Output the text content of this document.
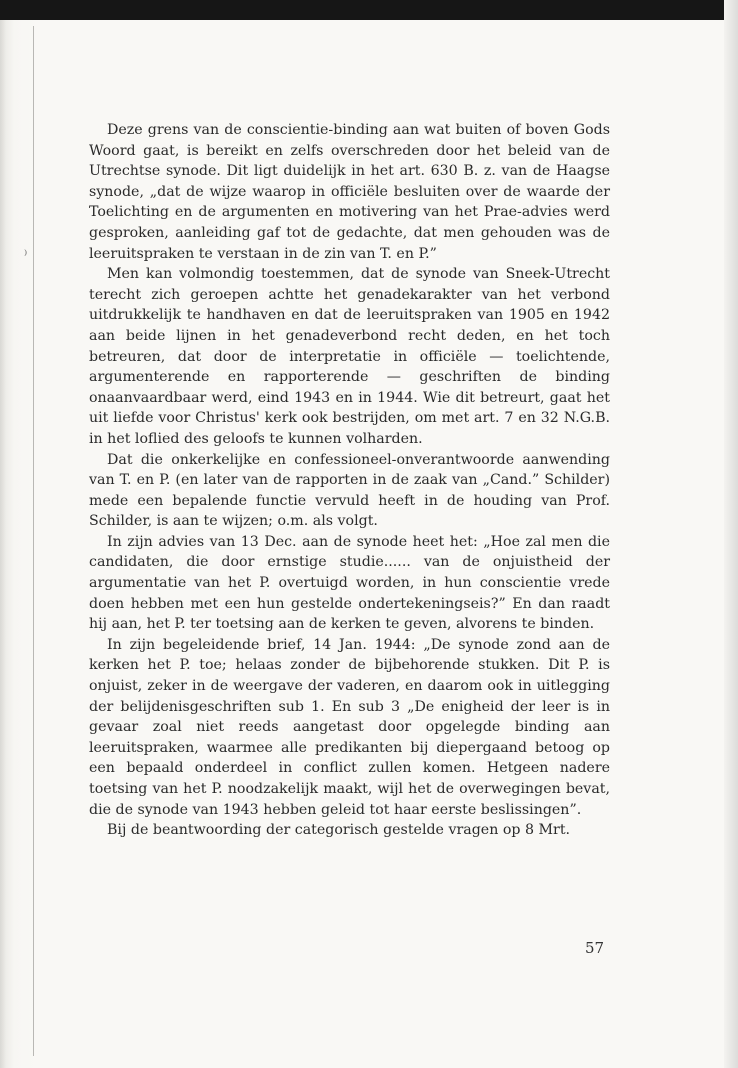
⁾

Deze grens van de conscientie-binding aan wat buiten of boven Gods Woord gaat, is bereikt en zelfs overschreden door het beleid van de Utrechtse synode. Dit ligt duidelijk in het art. 630 B. z. van de Haagse synode, „dat de wijze waarop in officiële besluiten over de waarde der Toelichting en de argumenten en motivering van het Prae-advies werd gesproken, aanleiding gaf tot de gedachte, dat men gehouden was de leeruitspraken te verstaan in de zin van T. en P.”

Men kan volmondig toestemmen, dat de synode van Sneek-Utrecht terecht zich geroepen achtte het genadekarakter van het verbond uitdrukkelijk te handhaven en dat de leeruitspraken van 1905 en 1942 aan beide lijnen in het genadeverbond recht deden, en het toch betreuren, dat door de interpretatie in officiële — toelichtende, argumenterende en rapporterende — geschriften de binding onaanvaardbaar werd, eind 1943 en in 1944. Wie dit betreurt, gaat het uit liefde voor Christus' kerk ook bestrijden, om met art. 7 en 32 N.G.B. in het loflied des geloofs te kunnen volharden.

Dat die onkerkelijke en confessioneel-onverantwoorde aanwending van T. en P. (en later van de rapporten in de zaak van „Cand.” Schilder) mede een bepalende functie vervuld heeft in de houding van Prof. Schilder, is aan te wijzen; o.m. als volgt.

In zijn advies van 13 Dec. aan de synode heet het: „Hoe zal men die candidaten, die door ernstige studie...... van de onjuistheid der argumentatie van het P. overtuigd worden, in hun conscientie vrede doen hebben met een hun gestelde ondertekeningseis?” En dan raadt hij aan, het P. ter toetsing aan de kerken te geven, alvorens te binden.

In zijn begeleidende brief, 14 Jan. 1944: „De synode zond aan de kerken het P. toe; helaas zonder de bijbehorende stukken. Dit P. is onjuist, zeker in de weergave der vaderen, en daarom ook in uitlegging der belijdenisgeschriften sub 1. En sub 3 „De enigheid der leer is in gevaar zoal niet reeds aangetast door opgelegde binding aan leeruitspraken, waarmee alle predikanten bij diepergaand betoog op een bepaald onderdeel in conflict zullen komen. Hetgeen nadere toetsing van het P. noodzakelijk maakt, wijl het de overwegingen bevat, die de synode van 1943 hebben geleid tot haar eerste beslissingen”.

Bij de beantwoording der categorisch gestelde vragen op 8 Mrt.

57
